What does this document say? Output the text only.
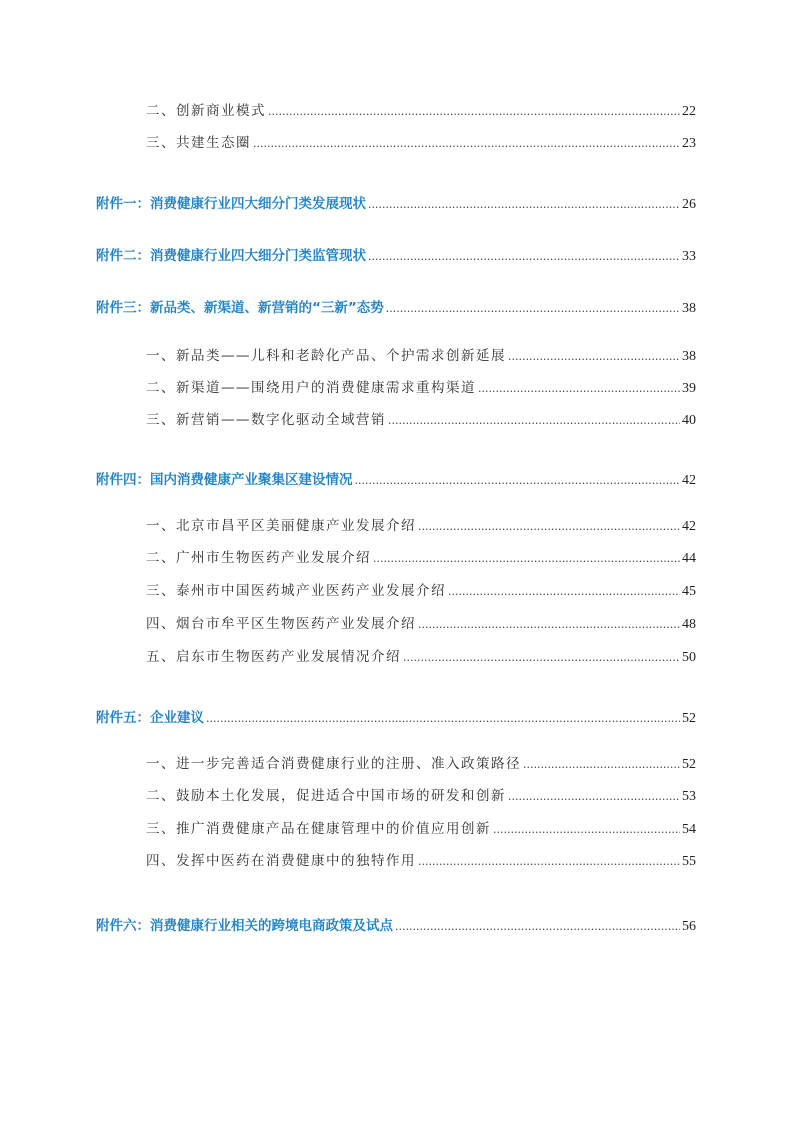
二、创新商业模式 .....	22
三、共建生态圈 .....	23
附件一：消费健康行业四大细分门类发展现状 .....	26
附件二：消费健康行业四大细分门类监管现状 .....	33
附件三：新品类、新渠道、新营销的“三新”态势 .....	38
一、新品类——儿科和老龄化产品、个护需求创新延展 .....	38
二、新渠道——围绕用户的消费健康需求重构渠道 .....	39
三、新营销——数字化驱动全域营销 .....	40
附件四：国内消费健康产业聚集区建设情况 .....	42
一、北京市昌平区美丽健康产业发展介绍 .....	42
二、广州市生物医药产业发展介绍 .....	44
三、泰州市中国医药城产业医药产业发展介绍 .....	45
四、烟台市牟平区生物医药产业发展介绍 .....	48
五、启东市生物医药产业发展情况介绍 .....	50
附件五：企业建议 .....	52
一、进一步完善适合消费健康行业的注册、准入政策路径 .....	52
二、鼓励本土化发展，促进适合中国市场的研发和创新 .....	53
三、推广消费健康产品在健康管理中的价值应用创新 .....	54
四、发挥中医药在消费健康中的独特作用 .....	55
附件六：消费健康行业相关的跨境电商政策及试点 .....	56
